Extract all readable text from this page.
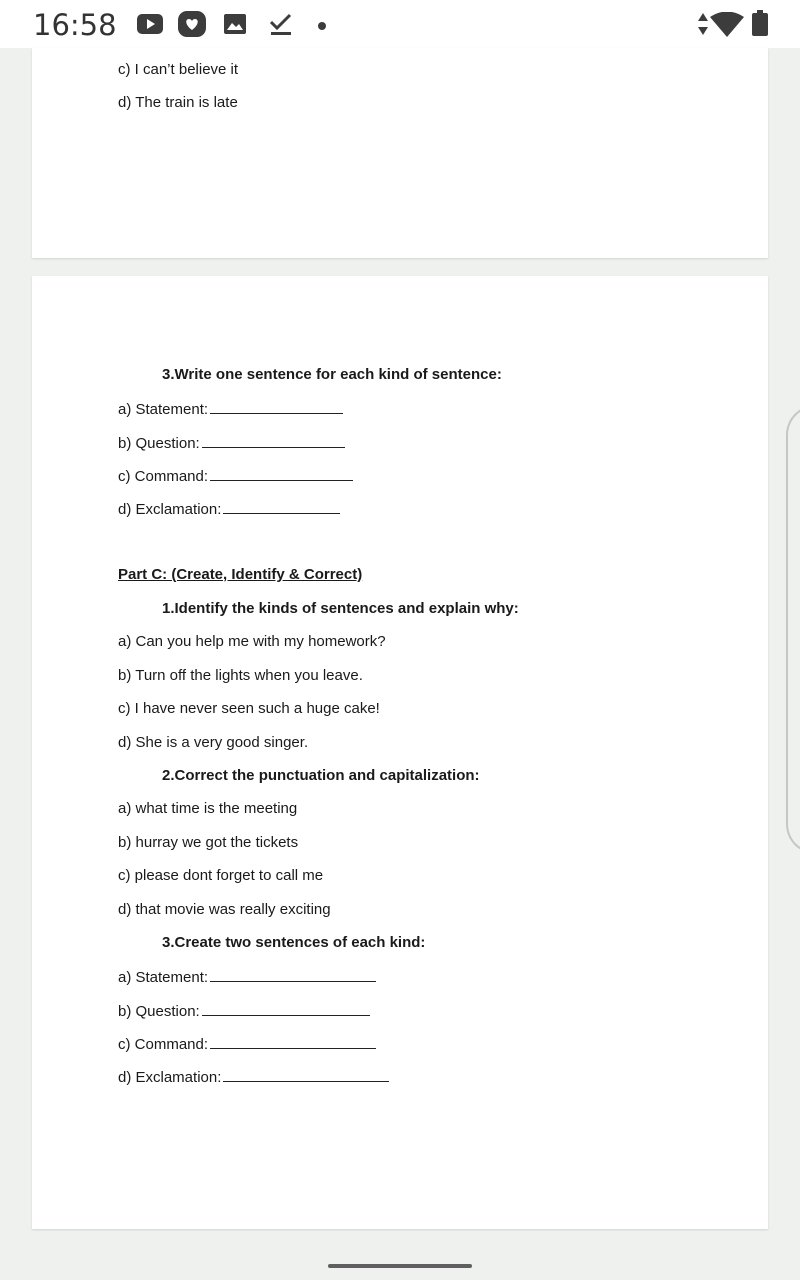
16:58
c) I can’t believe it
d) The train is late
3.Write one sentence for each kind of sentence:
a) Statement:
b) Question:
c) Command:
d) Exclamation:
Part C: (Create, Identify & Correct)
1.Identify the kinds of sentences and explain why:
a) Can you help me with my homework?
b) Turn off the lights when you leave.
c) I have never seen such a huge cake!
d) She is a very good singer.
2.Correct the punctuation and capitalization:
a) what time is the meeting
b) hurray we got the tickets
c) please dont forget to call me
d) that movie was really exciting
3.Create two sentences of each kind:
a) Statement:
b) Question:
c) Command:
d) Exclamation:
